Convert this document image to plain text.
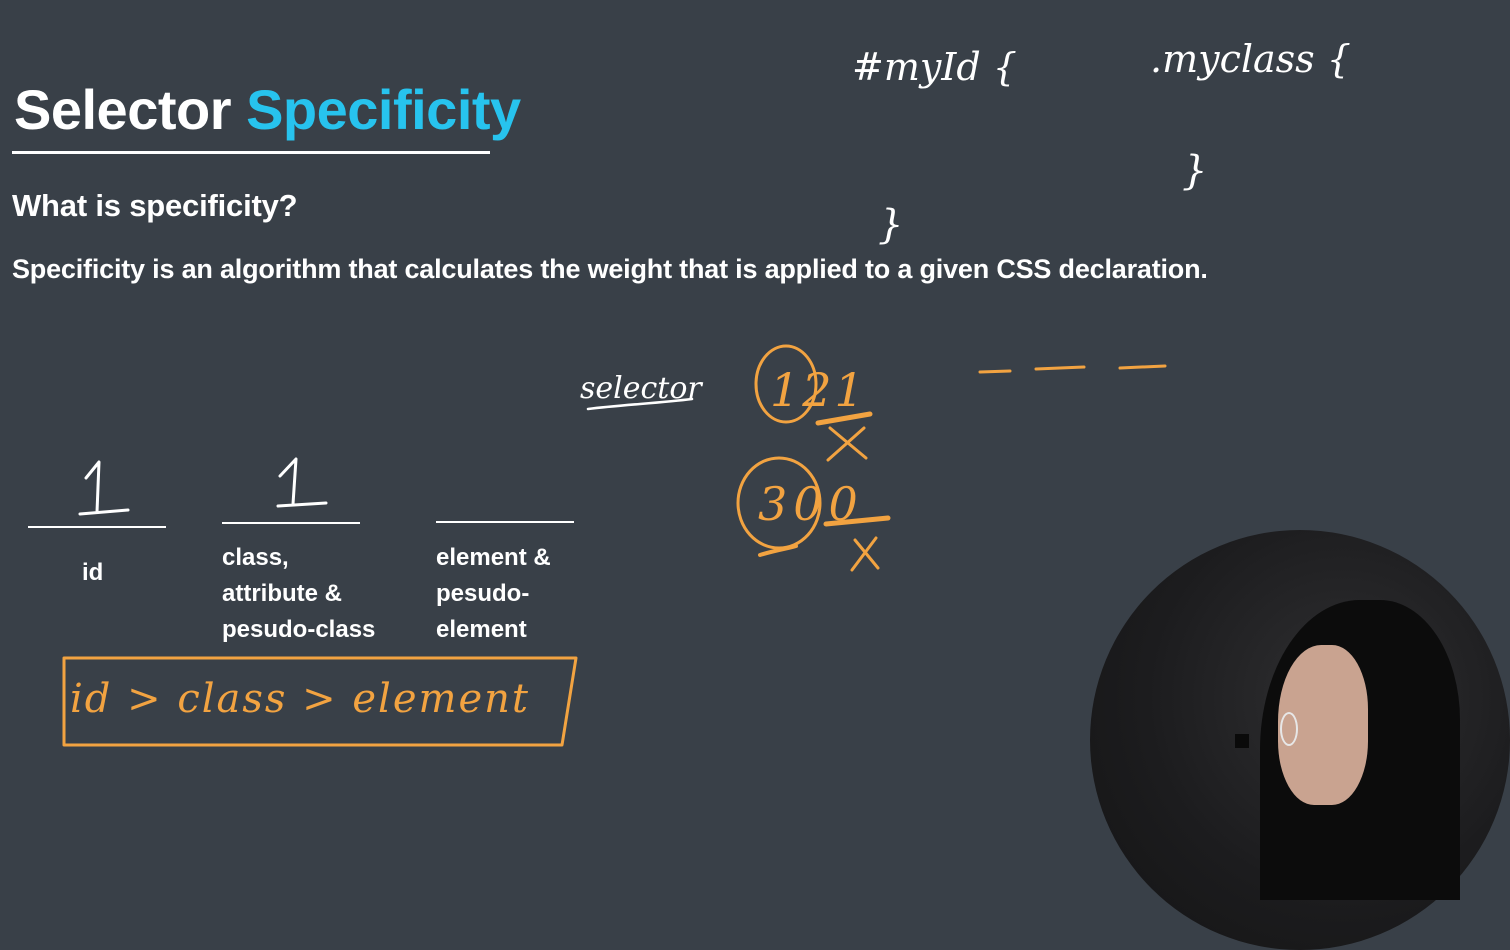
Selector Specificity
What is specificity?
Specificity is an algorithm that calculates the weight that is applied to a given CSS declaration.
id
class,
attribute &
pesudo-class
element &
pesudo-
element
#myId {
}
.myclass {
}
selector 121
300
id > class > element
